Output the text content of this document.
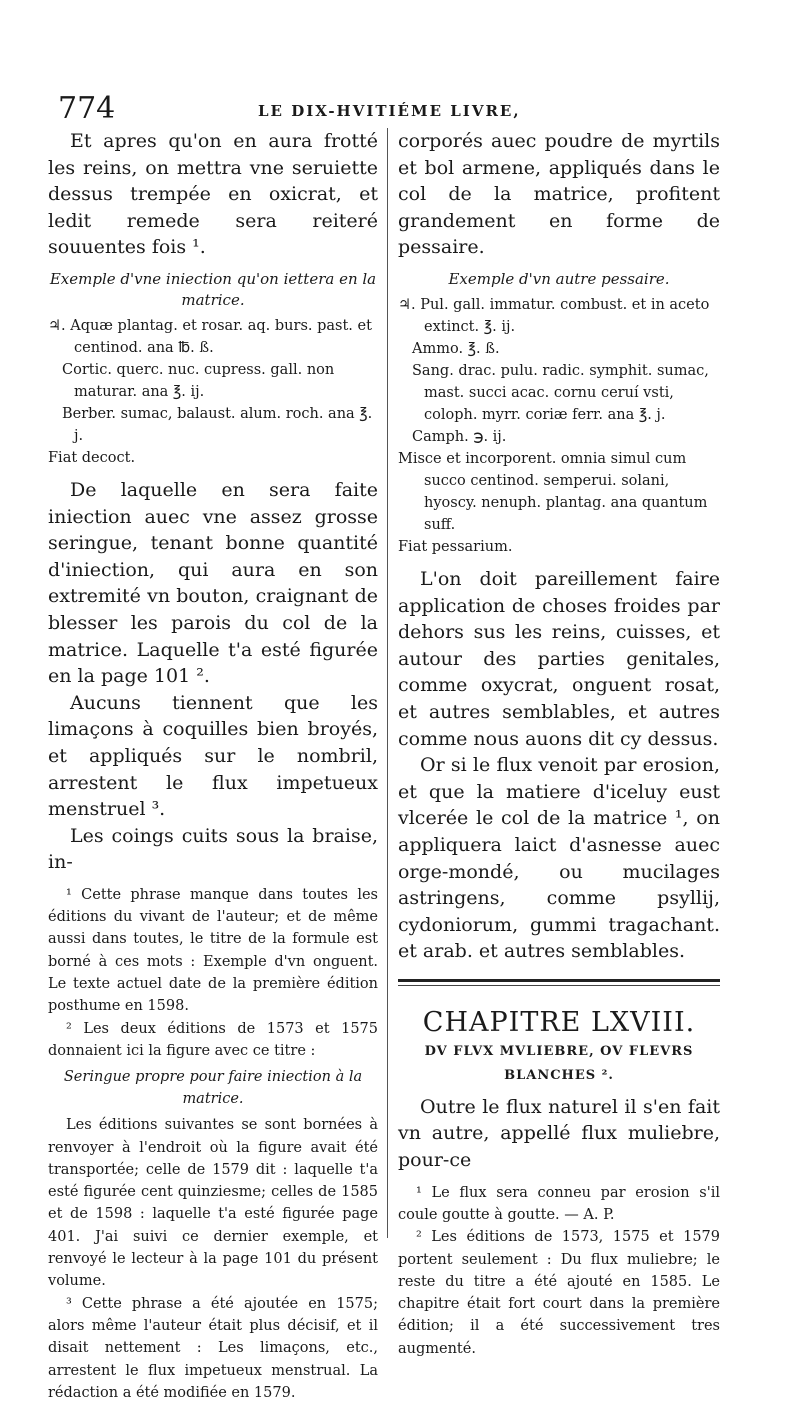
774	LE DIX-HVITIÉME LIVRE,

Et apres qu'on en aura frotté les reins, on mettra vne seruiette dessus trempée en oxicrat, et ledit remede sera reiteré souuentes fois ¹.

Exemple d'vne iniection qu'on iettera en la matrice.

♃. Aquæ plantag. et rosar. aq. burs. past. et centinod. ana ℔. ß.

Cortic. querc. nuc. cupress. gall. non maturar. ana ℥. ij.

Berber. sumac, balaust. alum. roch. ana ℥. j.

Fiat decoct.

De laquelle en sera faite iniection auec vne assez grosse seringue, tenant bonne quantité d'iniection, qui aura en son extremité vn bouton, craignant de blesser les parois du col de la matrice. Laquelle t'a esté figurée en la page 101 ².

Aucuns tiennent que les limaçons à coquilles bien broyés, et appliqués sur le nombril, arrestent le flux impetueux menstruel ³.

Les coings cuits sous la braise, in-

¹ Cette phrase manque dans toutes les éditions du vivant de l'auteur; et de même aussi dans toutes, le titre de la formule est borné à ces mots : Exemple d'vn onguent. Le texte actuel date de la première édition posthume en 1598.

² Les deux éditions de 1573 et 1575 donnaient ici la figure avec ce titre :

Seringue propre pour faire iniection à la matrice.

Les éditions suivantes se sont bornées à renvoyer à l'endroit où la figure avait été transportée; celle de 1579 dit : laquelle t'a esté figurée cent quinziesme; celles de 1585 et de 1598 : laquelle t'a esté figurée page 401. J'ai suivi ce dernier exemple, et renvoyé le lecteur à la page 101 du présent volume.

³ Cette phrase a été ajoutée en 1575; alors même l'auteur était plus décisif, et il disait nettement : Les limaçons, etc., arrestent le flux impetueux menstrual. La rédaction a été modifiée en 1579.

corporés auec poudre de myrtils et bol armene, appliqués dans le col de la matrice, profitent grandement en forme de pessaire.

Exemple d'vn autre pessaire.

♃. Pul. gall. immatur. combust. et in aceto extinct. ℥. ij.

Ammo. ℥. ß.

Sang. drac. pulu. radic. symphit. sumac, mast. succi acac. cornu ceruí vsti, coloph. myrr. coriæ ferr. ana ℥. j.

Camph. ℈. ij.

Misce et incorporent. omnia simul cum succo centinod. semperui. solani, hyoscy. nenuph. plantag. ana quantum suff.

Fiat pessarium.

L'on doit pareillement faire application de choses froides par dehors sus les reins, cuisses, et autour des parties genitales, comme oxycrat, onguent rosat, et autres semblables, et autres comme nous auons dit cy dessus.

Or si le flux venoit par erosion, et que la matiere d'iceluy eust vlcerée le col de la matrice ¹, on appliquera laict d'asnesse auec orge-mondé, ou mucilages astringens, comme psyllij, cydoniorum, gummi tragachant. et arab. et autres semblables.

CHAPITRE LXVIII.

DV FLVX MVLIEBRE, OV FLEVRS

BLANCHES ².

Outre le flux naturel il s'en fait vn autre, appellé flux muliebre, pour-ce

¹ Le flux sera conneu par erosion s'il coule goutte à goutte. — A. P.

² Les éditions de 1573, 1575 et 1579 portent seulement : Du flux muliebre; le reste du titre a été ajouté en 1585. Le chapitre était fort court dans la première édition; il a été successivement tres augmenté.
